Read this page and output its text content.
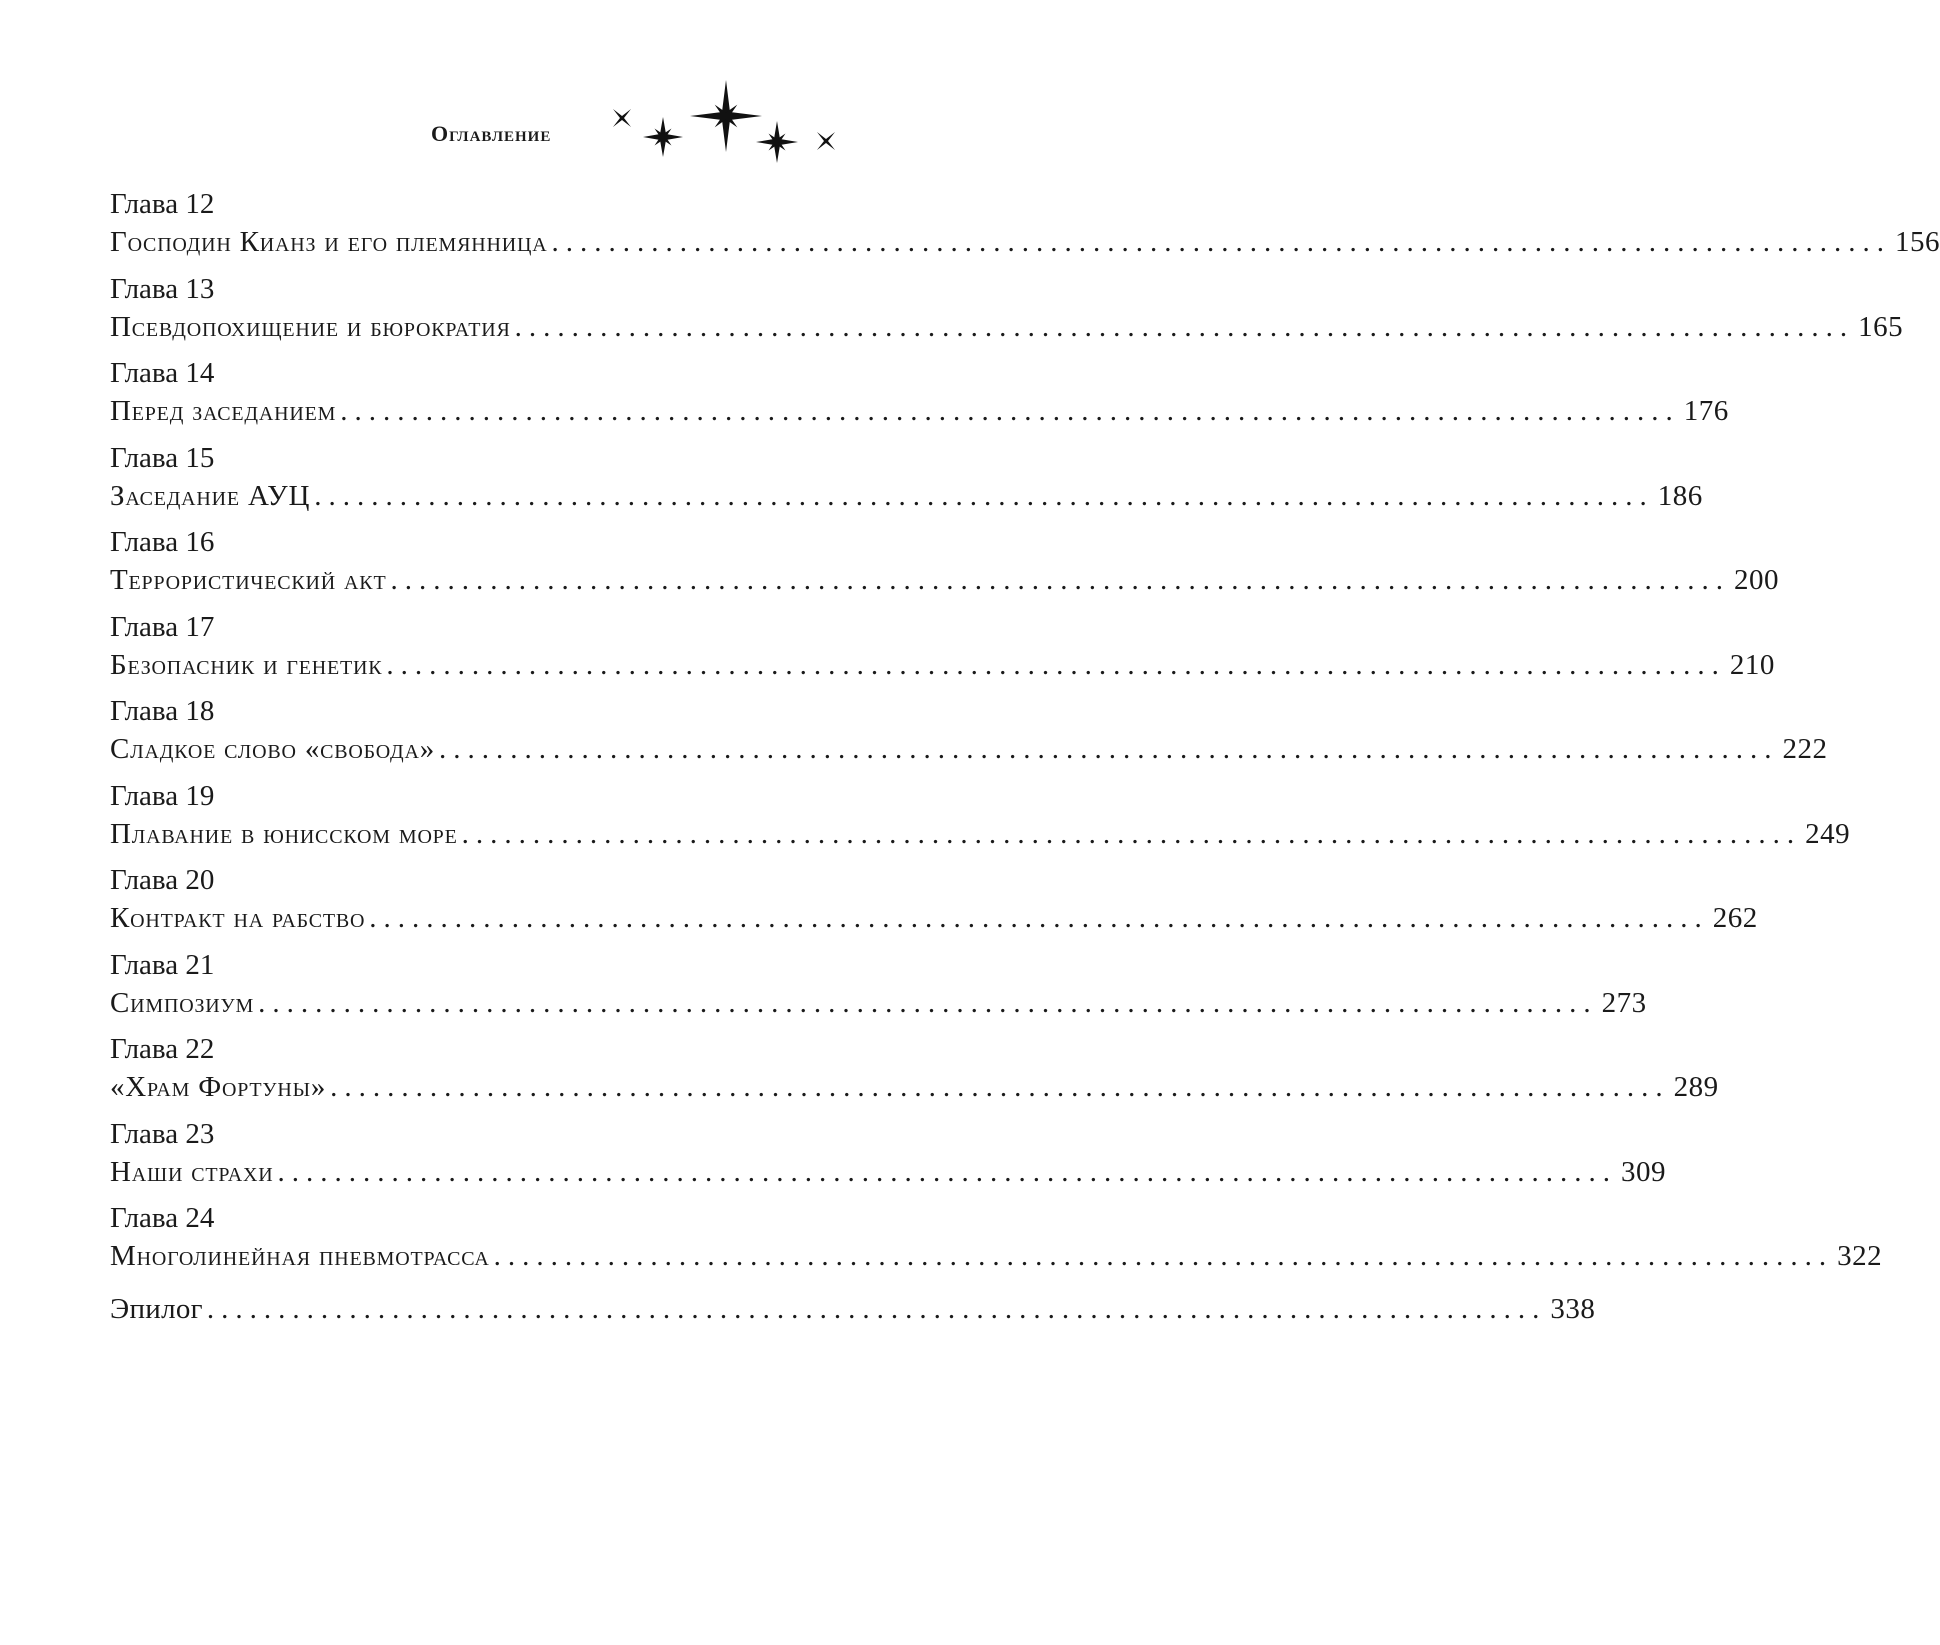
Оглавление
Глава 12
Господин Кианз и его племянница .............................................................................................. 156
Глава 13
Псевдопохищение и бюрократия .............................................................................................. 165
Глава 14
Перед заседанием .............................................................................................. 176
Глава 15
Заседание АУЦ .............................................................................................. 186
Глава 16
Террористический акт .............................................................................................. 200
Глава 17
Безопасник и генетик .............................................................................................. 210
Глава 18
Сладкое слово «свобода» .............................................................................................. 222
Глава 19
Плавание в юнисском море .............................................................................................. 249
Глава 20
Контракт на рабство .............................................................................................. 262
Глава 21
Симпозиум .............................................................................................. 273
Глава 22
«Храм Фортуны» .............................................................................................. 289
Глава 23
Наши страхи .............................................................................................. 309
Глава 24
Многолинейная пневмотрасса .............................................................................................. 322
Эпилог .............................................................................................. 338
